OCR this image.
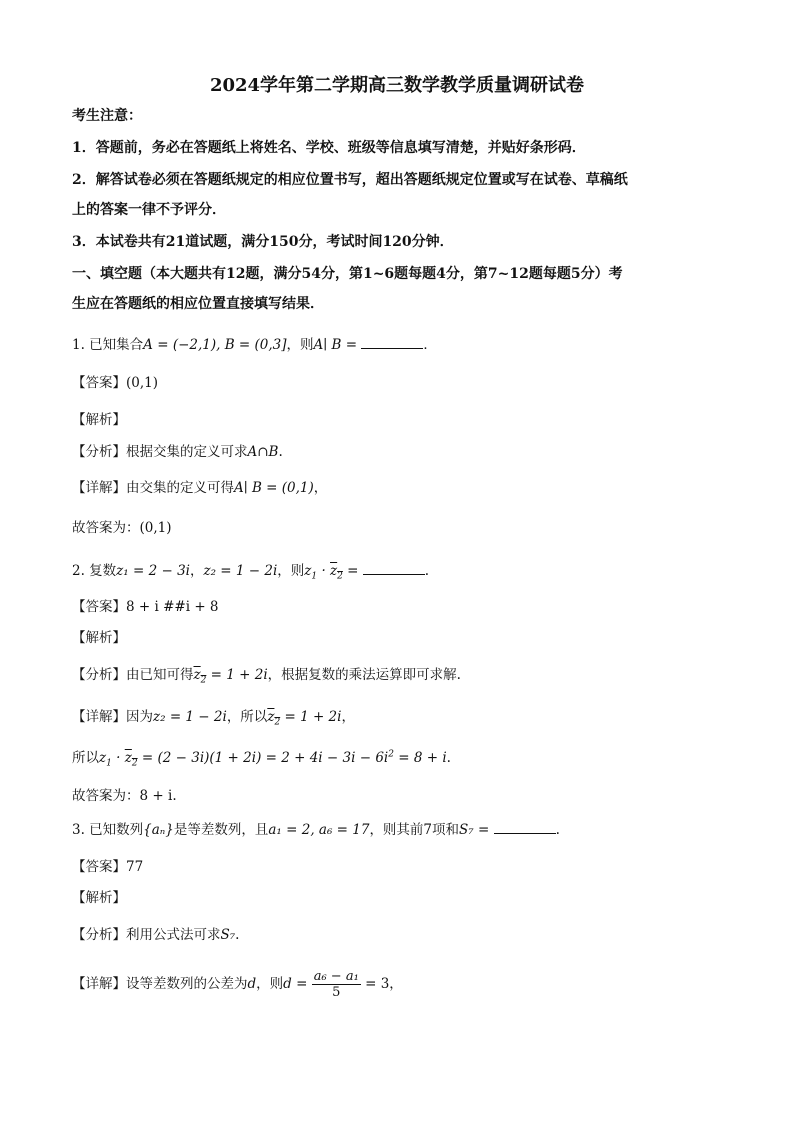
2024学年第二学期高三数学教学质量调研试卷
考生注意：
1．答题前，务必在答题纸上将姓名、学校、班级等信息填写清楚，并贴好条形码．
2．解答试卷必须在答题纸规定的相应位置书写，超出答题纸规定位置或写在试卷、草稿纸
上的答案一律不予评分．
3．本试卷共有21道试题，满分150分，考试时间120分钟．
一、填空题（本大题共有12题，满分54分，第1~6题每题4分，第7~12题每题5分）考
生应在答题纸的相应位置直接填写结果．
1. 已知集合A = (−2,1), B = (0,3]，则A∣ B =	．
【答案】(0,1)
【解析】
【分析】根据交集的定义可求A∩B.
【详解】由交集的定义可得A∣ B = (0,1)，
故答案为：(0,1)
2. 复数z₁ = 2 − 3i，z₂ = 1 − 2i，则$z_1 \cdot z_2$ =	.
【答案】8 + i ##i + 8
【解析】
【分析】由已知可得$z_2 = 1 + 2i$，根据复数的乘法运算即可求解.
【详解】因为z₂ = 1 − 2i，所以$z_2 = 1 + 2i$，
所以$z_1 \cdot z_2 = (2 - 3i)(1 + 2i) = 2 + 4i - 3i - 6i^2 = 8 + i$.
故答案为：8 + i.
3. 已知数列{aₙ}是等差数列，且a₁ = 2, a₆ = 17，则其前7项和S₇ =	.
【答案】77
【解析】
【分析】利用公式法可求S₇.
【详解】设等差数列的公差为d，则$d = \frac{\text{a₆ − a₁}}{5} = 3$，
